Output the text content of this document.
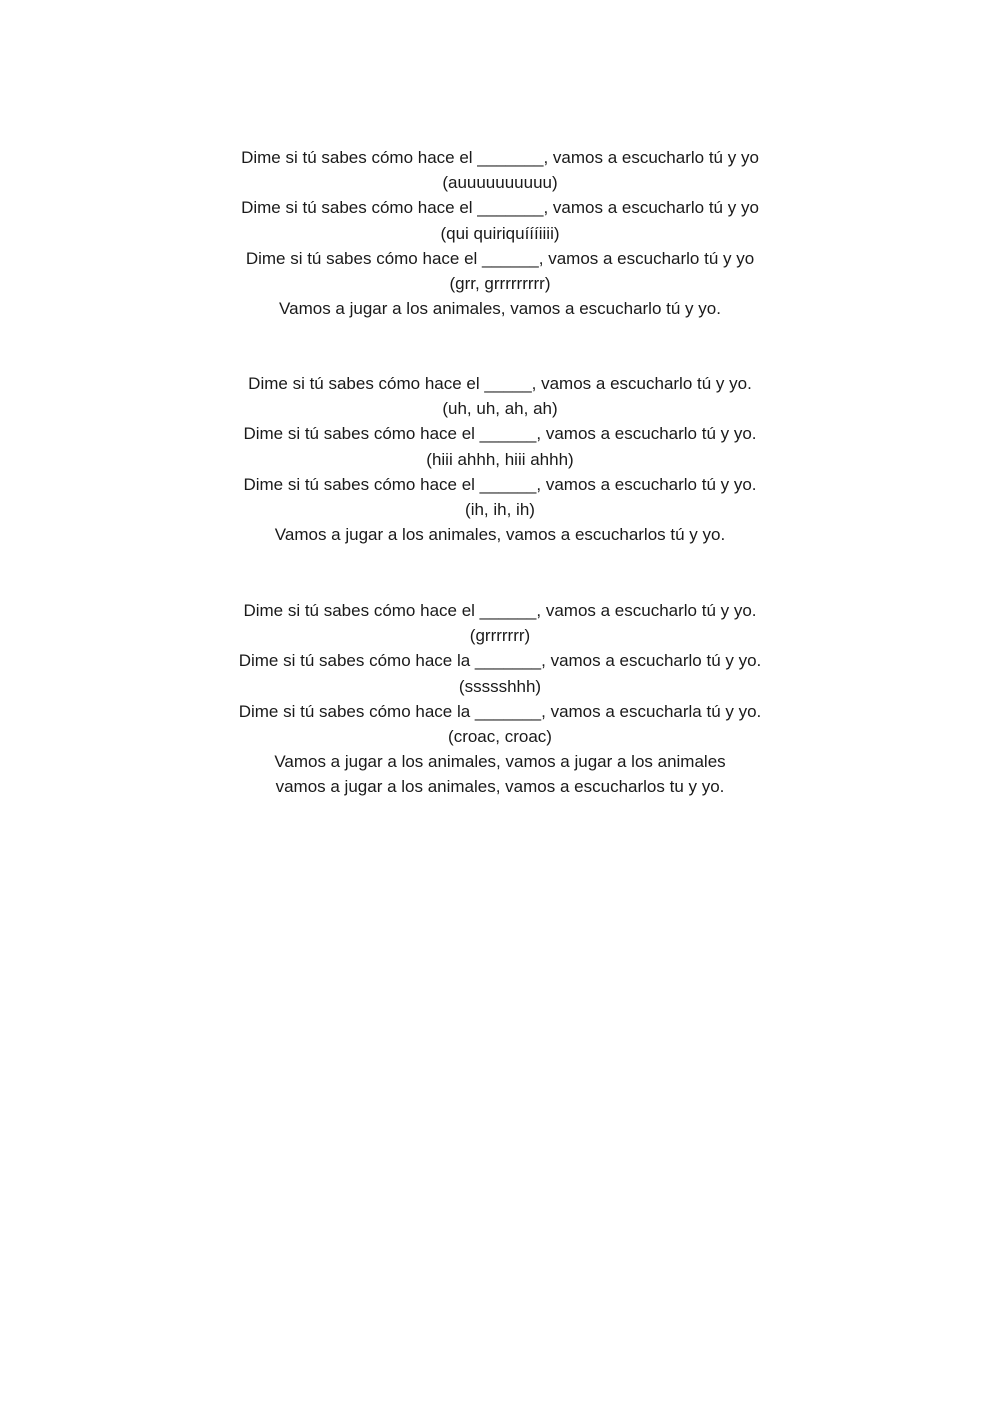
Dime si tú sabes cómo hace el _______, vamos a escucharlo tú y yo
(auuuuuuuuuu)
Dime si tú sabes cómo hace el _______, vamos a escucharlo tú y yo
(qui quiriquíííiiii)
Dime si tú sabes cómo hace el ______, vamos a escucharlo tú y yo
(grr, grrrrrrrrr)
Vamos a jugar a los animales, vamos a escucharlo tú y yo.
Dime si tú sabes cómo hace el _____, vamos a escucharlo tú y yo.
(uh, uh, ah, ah)
Dime si tú sabes cómo hace el ______, vamos a escucharlo tú y yo.
(hiii ahhh, hiii ahhh)
Dime si tú sabes cómo hace el ______, vamos a escucharlo tú y yo.
(ih, ih, ih)
Vamos a jugar a los animales, vamos a escucharlos tú y yo.
Dime si tú sabes cómo hace el ______, vamos a escucharlo tú y yo.
(grrrrrrr)
Dime si tú sabes cómo hace la _______, vamos a escucharlo tú y yo.
(ssssshhh)
Dime si tú sabes cómo hace la _______, vamos a escucharla tú y yo.
(croac, croac)
Vamos a jugar a los animales, vamos a jugar a los animales
vamos a jugar a los animales, vamos a escucharlos tu y yo.
